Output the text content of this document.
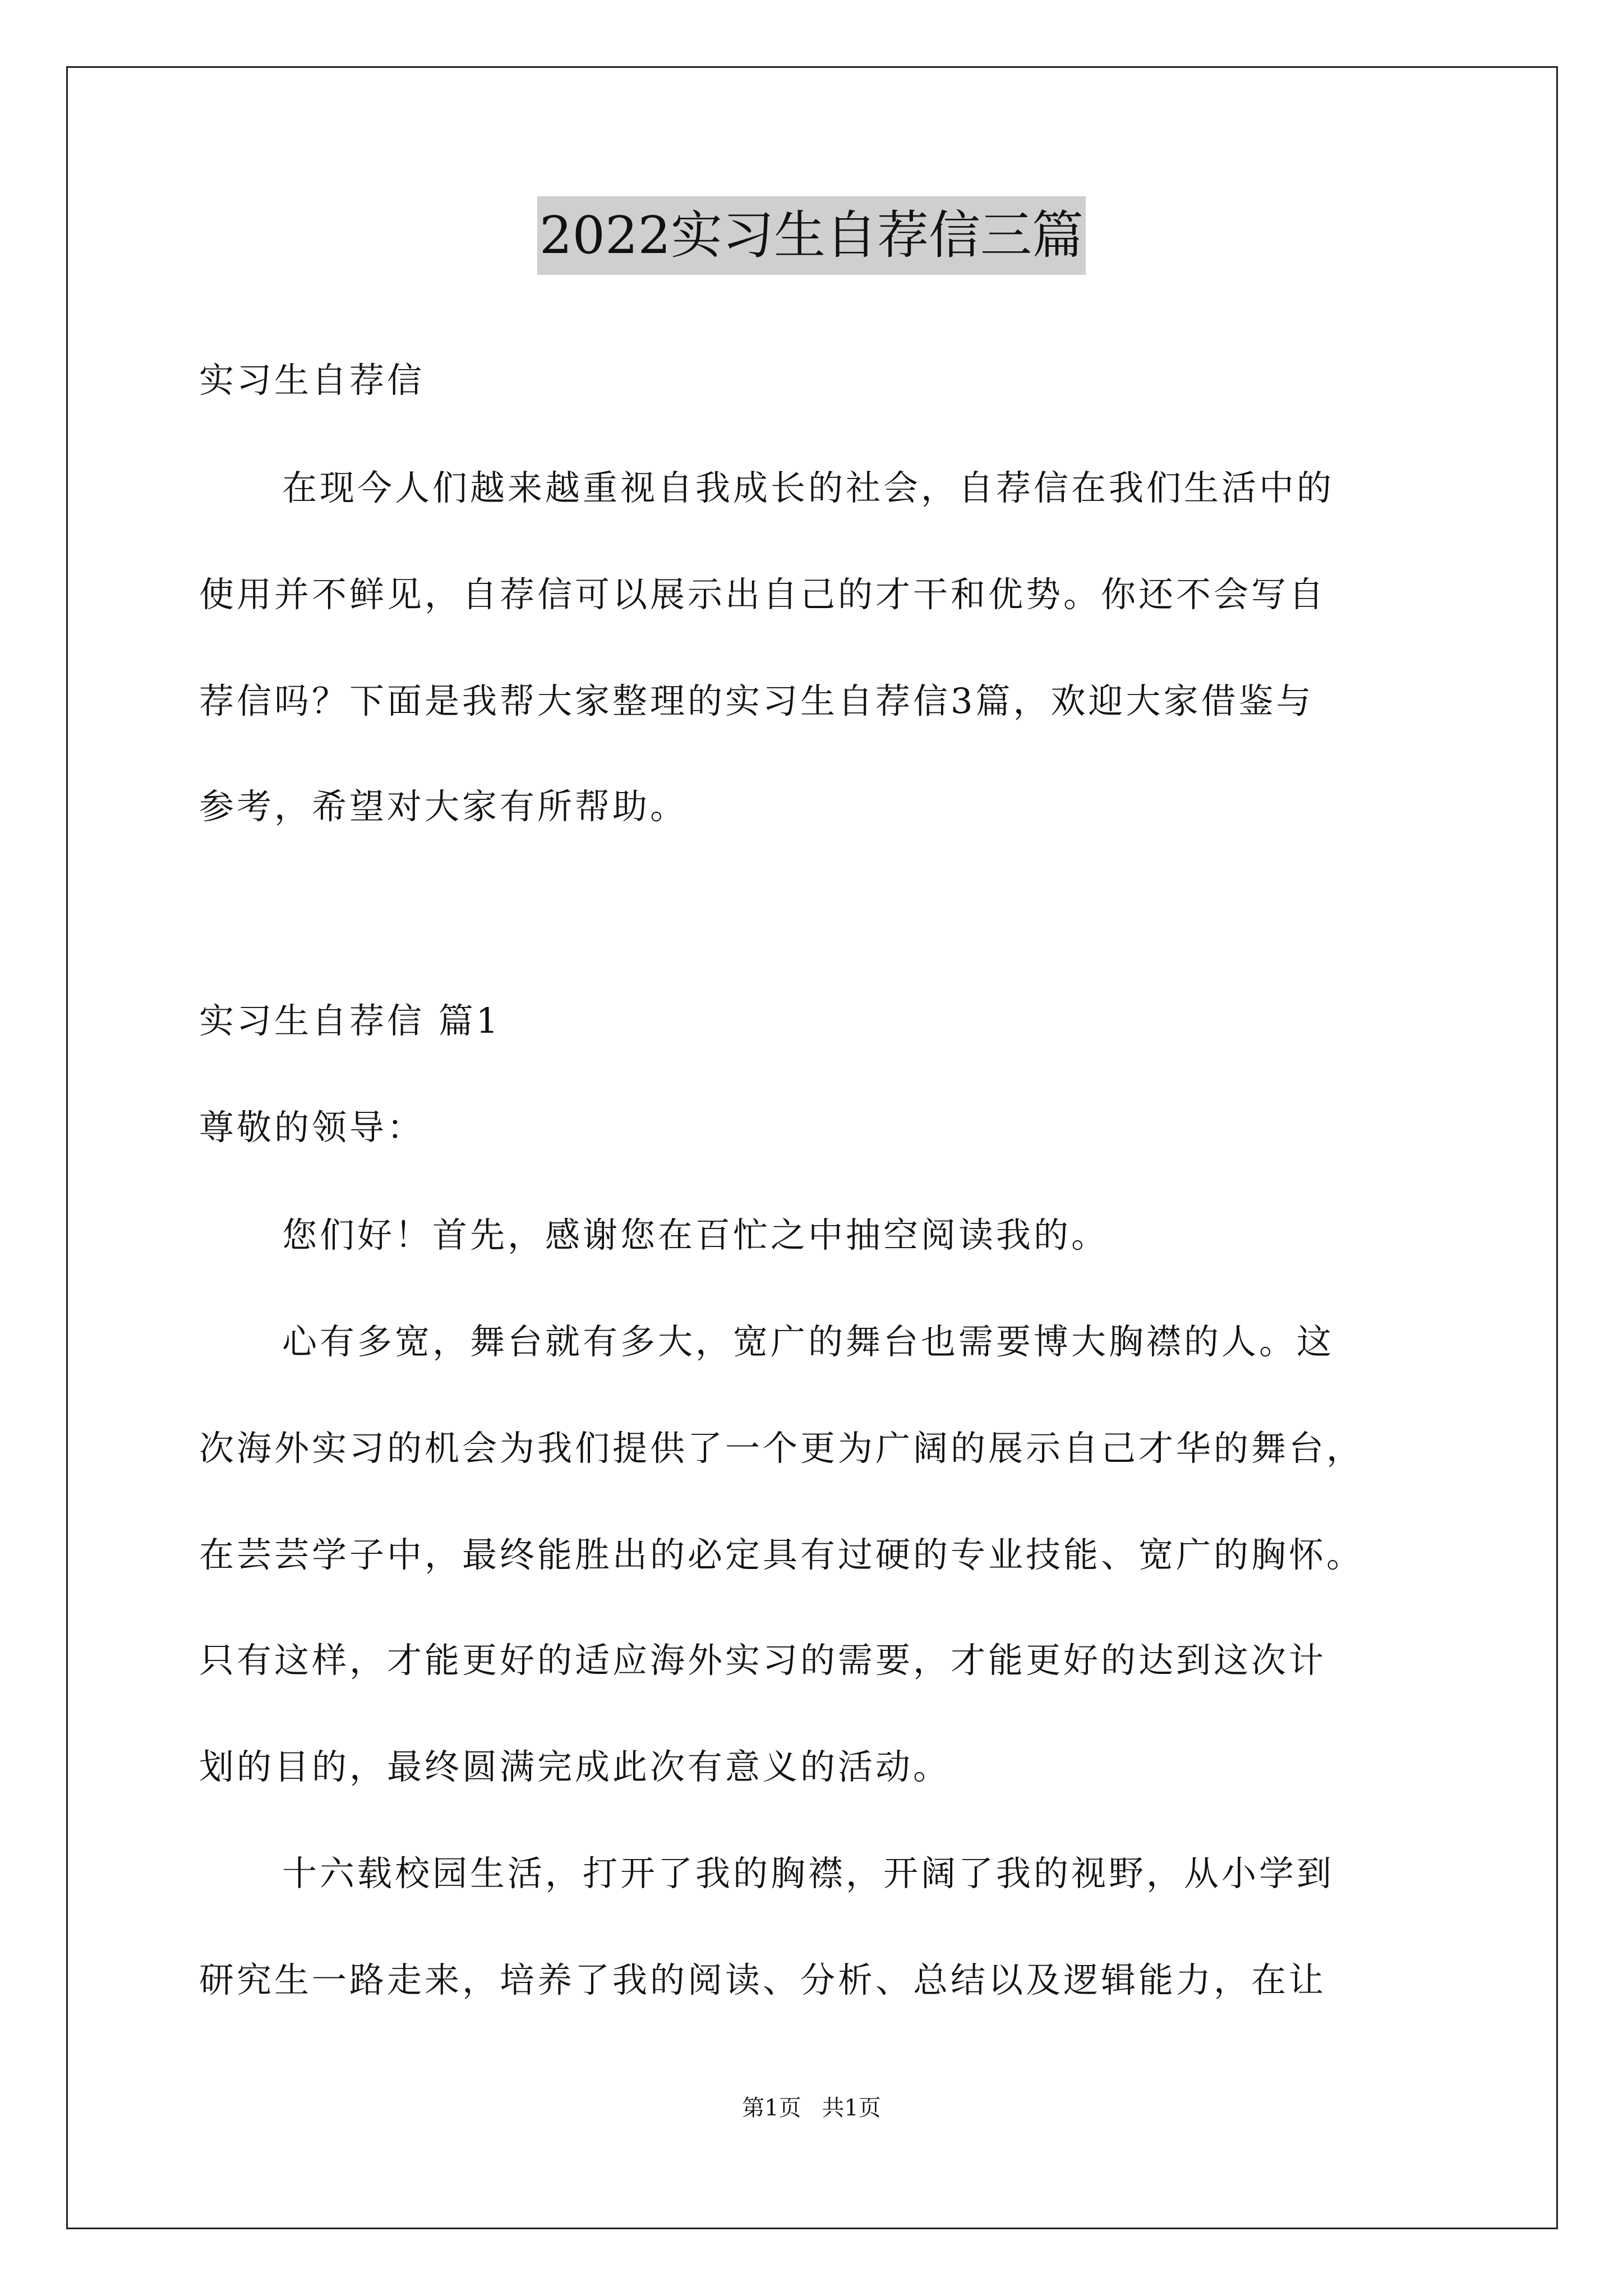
2022实习生自荐信三篇
实习生自荐信
在现今人们越来越重视自我成长的社会，自荐信在我们生活中的
使用并不鲜见，自荐信可以展示出自己的才干和优势。你还不会写自
荐信吗？下面是我帮大家整理的实习生自荐信3篇，欢迎大家借鉴与
参考，希望对大家有所帮助。
实习生自荐信 篇1
尊敬的领导：
您们好！首先，感谢您在百忙之中抽空阅读我的。
心有多宽，舞台就有多大，宽广的舞台也需要博大胸襟的人。这
次海外实习的机会为我们提供了一个更为广阔的展示自己才华的舞台，
在芸芸学子中，最终能胜出的必定具有过硬的专业技能、宽广的胸怀。
只有这样，才能更好的适应海外实习的需要，才能更好的达到这次计
划的目的，最终圆满完成此次有意义的活动。
十六载校园生活，打开了我的胸襟，开阔了我的视野，从小学到
研究生一路走来，培养了我的阅读、分析、总结以及逻辑能力，在让
第1页 共1页
